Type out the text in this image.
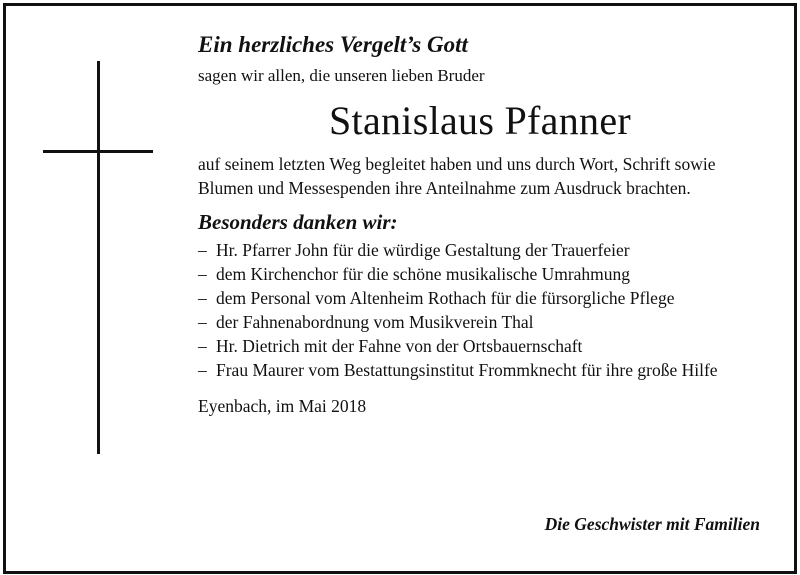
Ein herzliches Vergelt’s Gott

sagen wir allen, die unseren lieben Bruder

Stanislaus Pfanner

auf seinem letzten Weg begleitet haben und uns durch Wort, Schrift sowie Blumen und Messespenden ihre Anteilnahme zum Ausdruck brachten.

Besonders danken wir:

– Hr. Pfarrer John für die würdige Gestaltung der Trauerfeier
– dem Kirchenchor für die schöne musikalische Umrahmung
– dem Personal vom Altenheim Rothach für die fürsorgliche Pflege
– der Fahnenabordnung vom Musikverein Thal
– Hr. Dietrich mit der Fahne von der Ortsbauernschaft
– Frau Maurer vom Bestattungsinstitut Frommknecht für ihre große Hilfe

Eyenbach, im Mai 2018

Die Geschwister mit Familien
